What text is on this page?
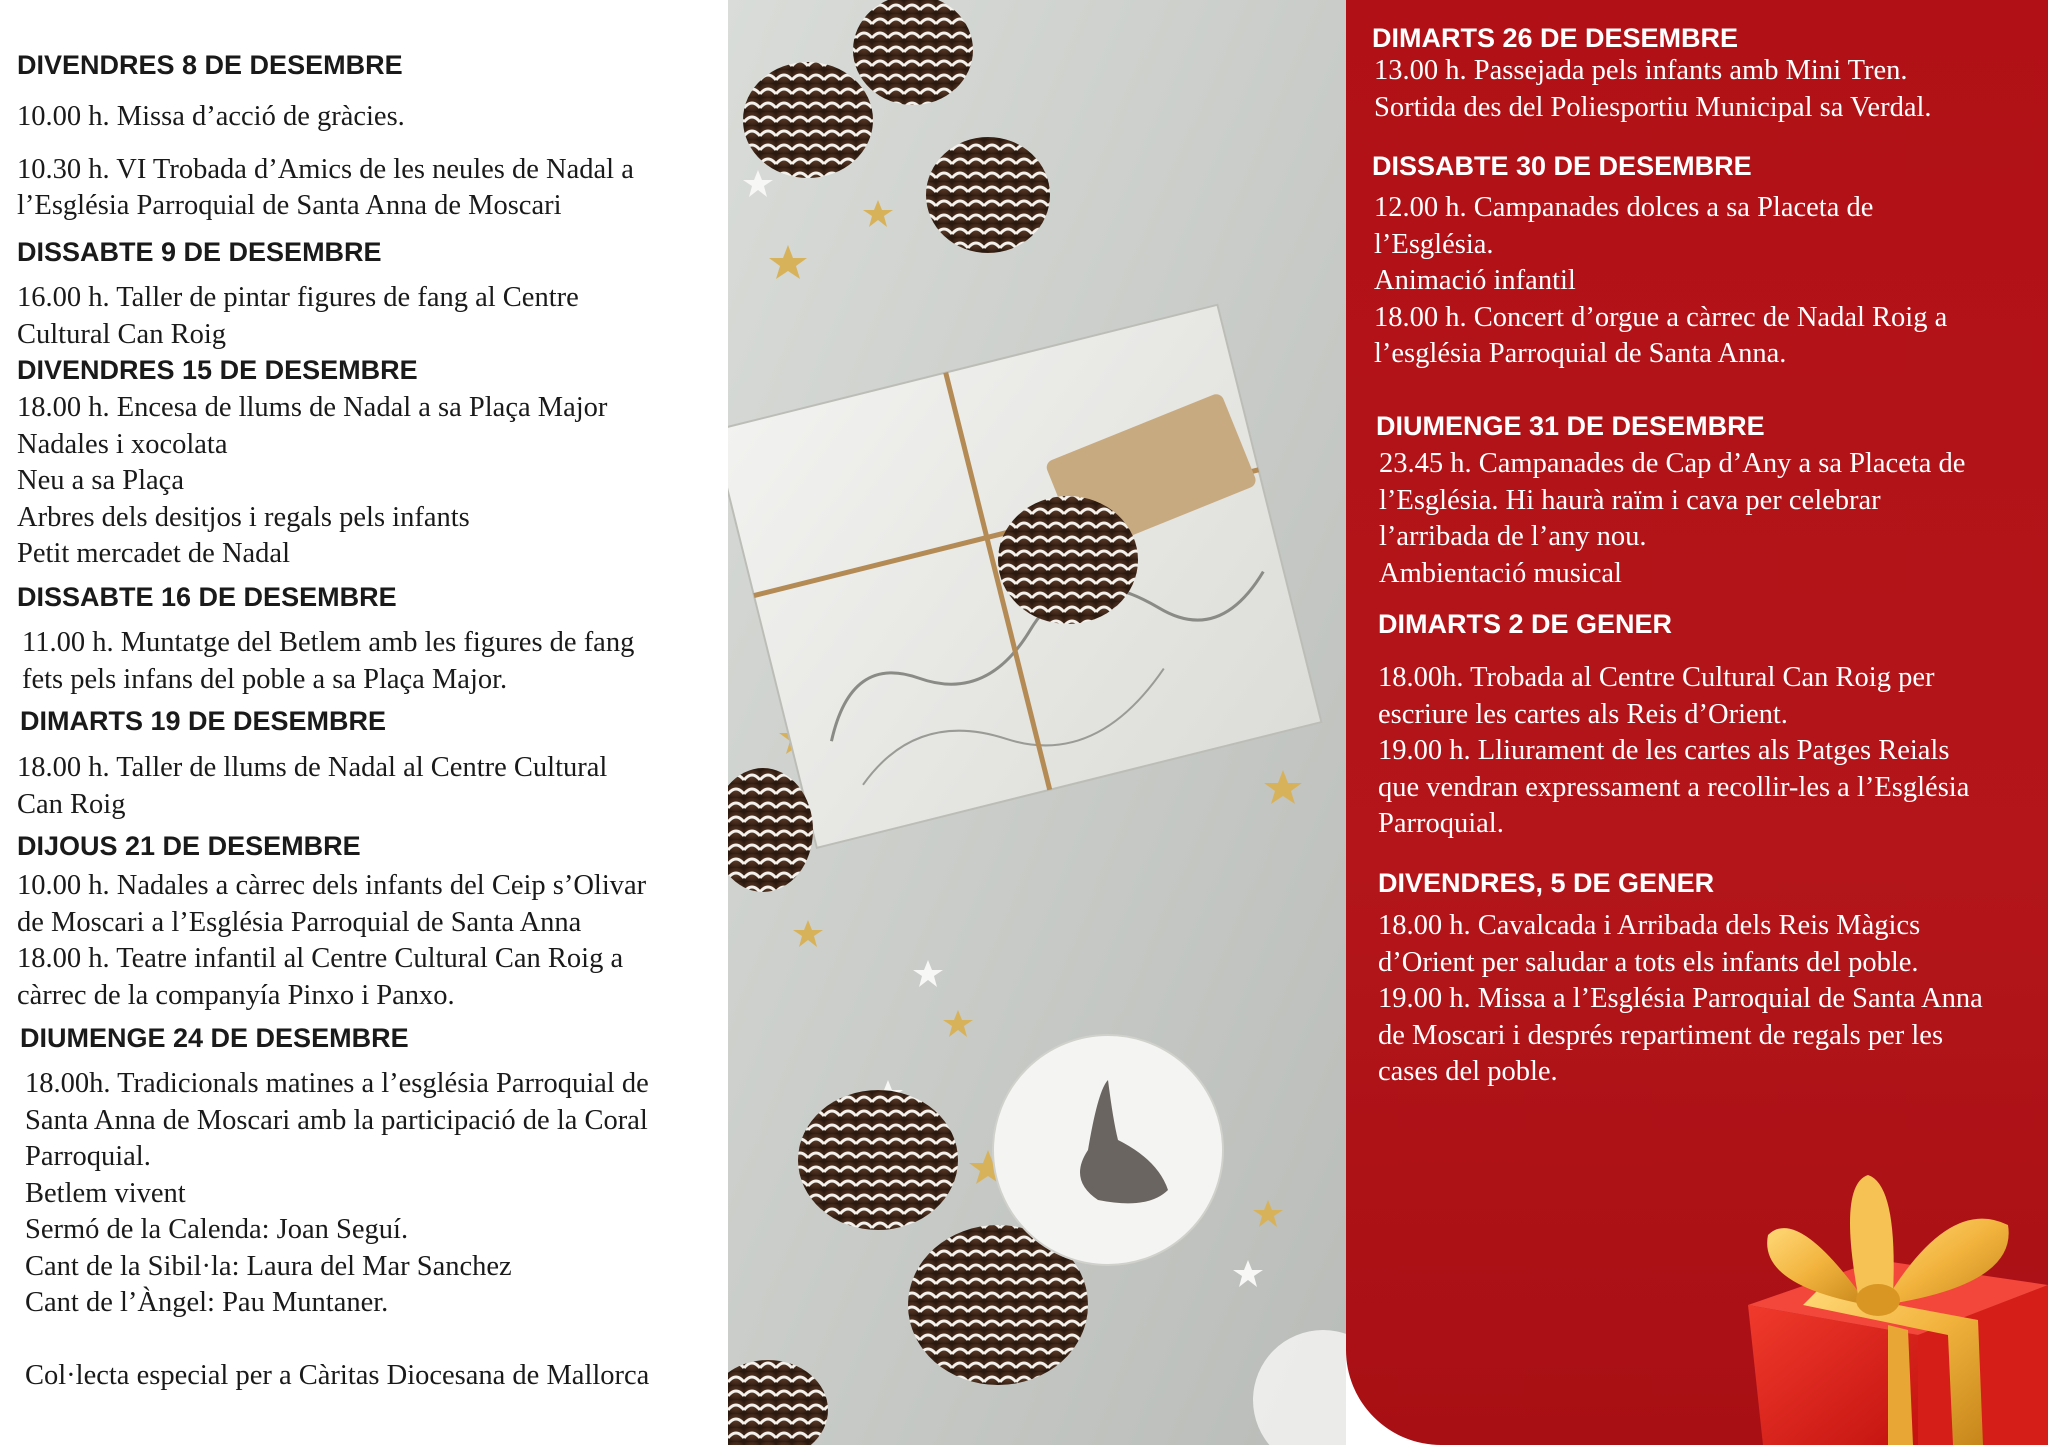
DIVENDRES 8 DE DESEMBRE
10.00 h. Missa d’acció de gràcies.
10.30 h. VI Trobada d’Amics de les neules de Nadal a
l’Església Parroquial de Santa Anna de Moscari
DISSABTE 9 DE DESEMBRE
16.00 h. Taller de pintar figures de fang al Centre
Cultural Can Roig
DIVENDRES 15 DE DESEMBRE
18.00 h. Encesa de llums de Nadal a sa Plaça Major
Nadales i xocolata
Neu a sa Plaça
Arbres dels desitjos i regals pels infants
Petit mercadet de Nadal
DISSABTE 16 DE DESEMBRE
11.00 h. Muntatge del Betlem amb les figures de fang
fets pels infans del poble a sa Plaça Major.
DIMARTS 19 DE DESEMBRE
18.00 h. Taller de llums de Nadal al Centre Cultural
Can Roig
DIJOUS 21 DE DESEMBRE
10.00 h. Nadales a càrrec dels infants del Ceip s’Olivar
de Moscari a l’Església Parroquial de Santa Anna
18.00 h. Teatre infantil al Centre Cultural Can Roig a
càrrec de la companyía Pinxo i Panxo.
DIUMENGE 24 DE DESEMBRE
18.00h. Tradicionals matines a l’església Parroquial de
Santa Anna de Moscari amb la participació de la Coral
Parroquial.
Betlem vivent
Sermó de la Calenda: Joan Seguí.
Cant de la Sibil·la: Laura del Mar Sanchez
Cant de l’Àngel: Pau Muntaner.
Col·lecta especial per a Càritas Diocesana de Mallorca
DIMARTS 26 DE DESEMBRE
13.00 h. Passejada pels infants amb Mini Tren.
Sortida des del Poliesportiu Municipal sa Verdal.
DISSABTE 30 DE DESEMBRE
12.00 h. Campanades dolces a sa Placeta de
l’Església.
Animació infantil
18.00 h. Concert d’orgue a càrrec de Nadal Roig a
l’església Parroquial de Santa Anna.
DIUMENGE 31 DE DESEMBRE
23.45 h. Campanades de Cap d’Any a sa Placeta de
l’Església. Hi haurà raïm i cava per celebrar
l’arribada de l’any nou.
Ambientació musical
DIMARTS 2 DE GENER
18.00h. Trobada al Centre Cultural Can Roig per
escriure les cartes als Reis d’Orient.
19.00 h. Lliurament de les cartes als Patges Reials
que vendran expressament a recollir-les a l’Església
Parroquial.
DIVENDRES, 5 DE GENER
18.00 h. Cavalcada i Arribada dels Reis Màgics
d’Orient per saludar a tots els infants del poble.
19.00 h. Missa a l’Església Parroquial de Santa Anna
de Moscari i després repartiment de regals per les
cases del poble.
